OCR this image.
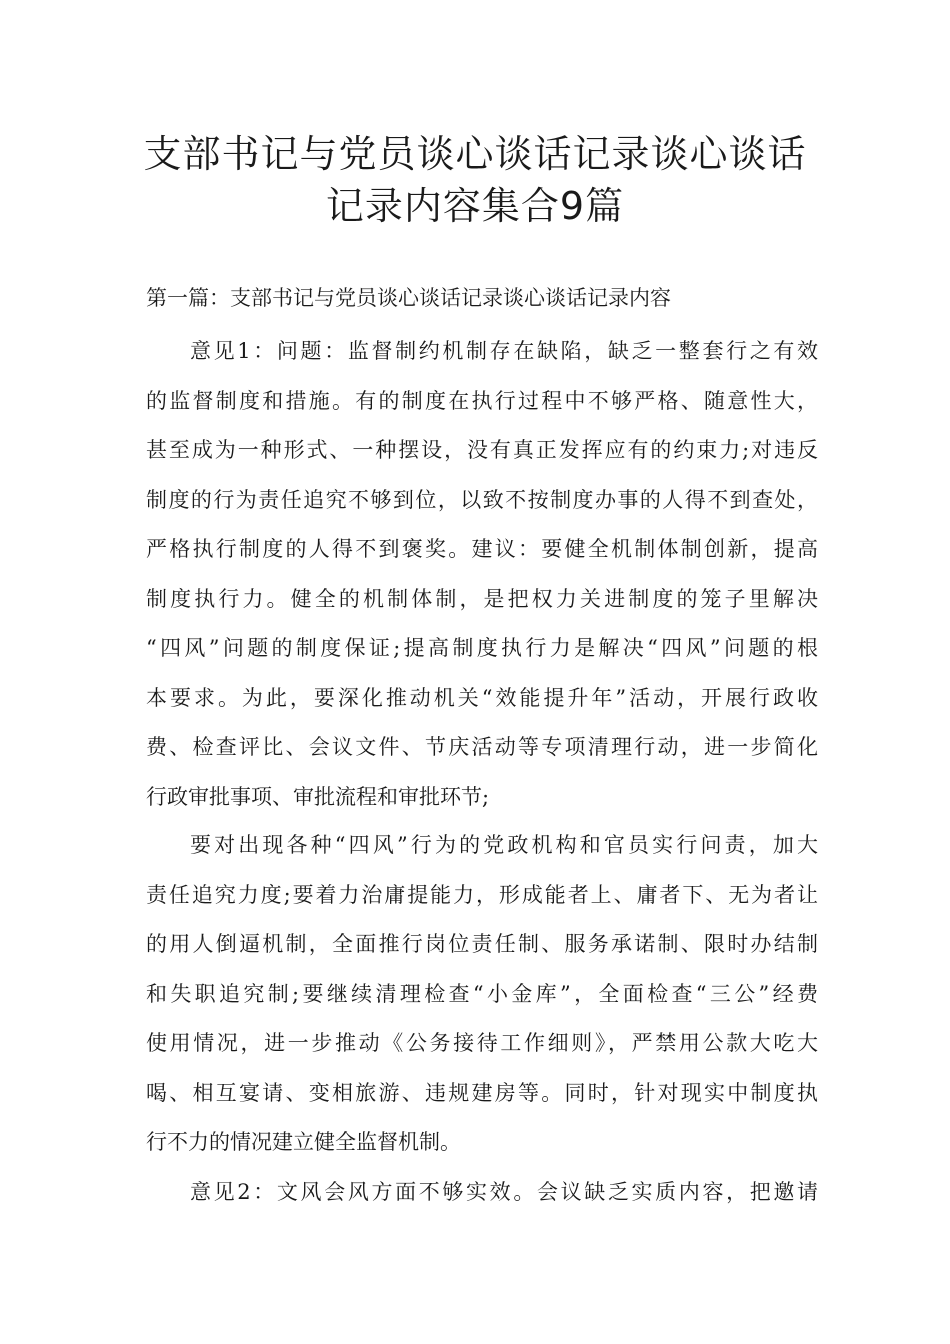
支部书记与党员谈心谈话记录谈心谈话
记录内容集合9篇
第一篇：支部书记与党员谈心谈话记录谈心谈话记录内容
意见1：问题：监督制约机制存在缺陷，缺乏一整套行之有效
的监督制度和措施。有的制度在执行过程中不够严格、随意性大，
甚至成为一种形式、一种摆设，没有真正发挥应有的约束力;对违反
制度的行为责任追究不够到位，以致不按制度办事的人得不到查处，
严格执行制度的人得不到褒奖。建议：要健全机制体制创新，提高
制度执行力。健全的机制体制，是把权力关进制度的笼子里解决
“四风”问题的制度保证;提高制度执行力是解决“四风”问题的根
本要求。为此，要深化推动机关“效能提升年”活动，开展行政收
费、检查评比、会议文件、节庆活动等专项清理行动，进一步简化
行政审批事项、审批流程和审批环节;
要对出现各种“四风”行为的党政机构和官员实行问责，加大
责任追究力度;要着力治庸提能力，形成能者上、庸者下、无为者让
的用人倒逼机制，全面推行岗位责任制、服务承诺制、限时办结制
和失职追究制;要继续清理检查“小金库”，全面检查“三公”经费
使用情况，进一步推动《公务接待工作细则》，严禁用公款大吃大
喝、相互宴请、变相旅游、违规建房等。同时，针对现实中制度执
行不力的情况建立健全监督机制。
意见2：文风会风方面不够实效。会议缺乏实质内容，把邀请
